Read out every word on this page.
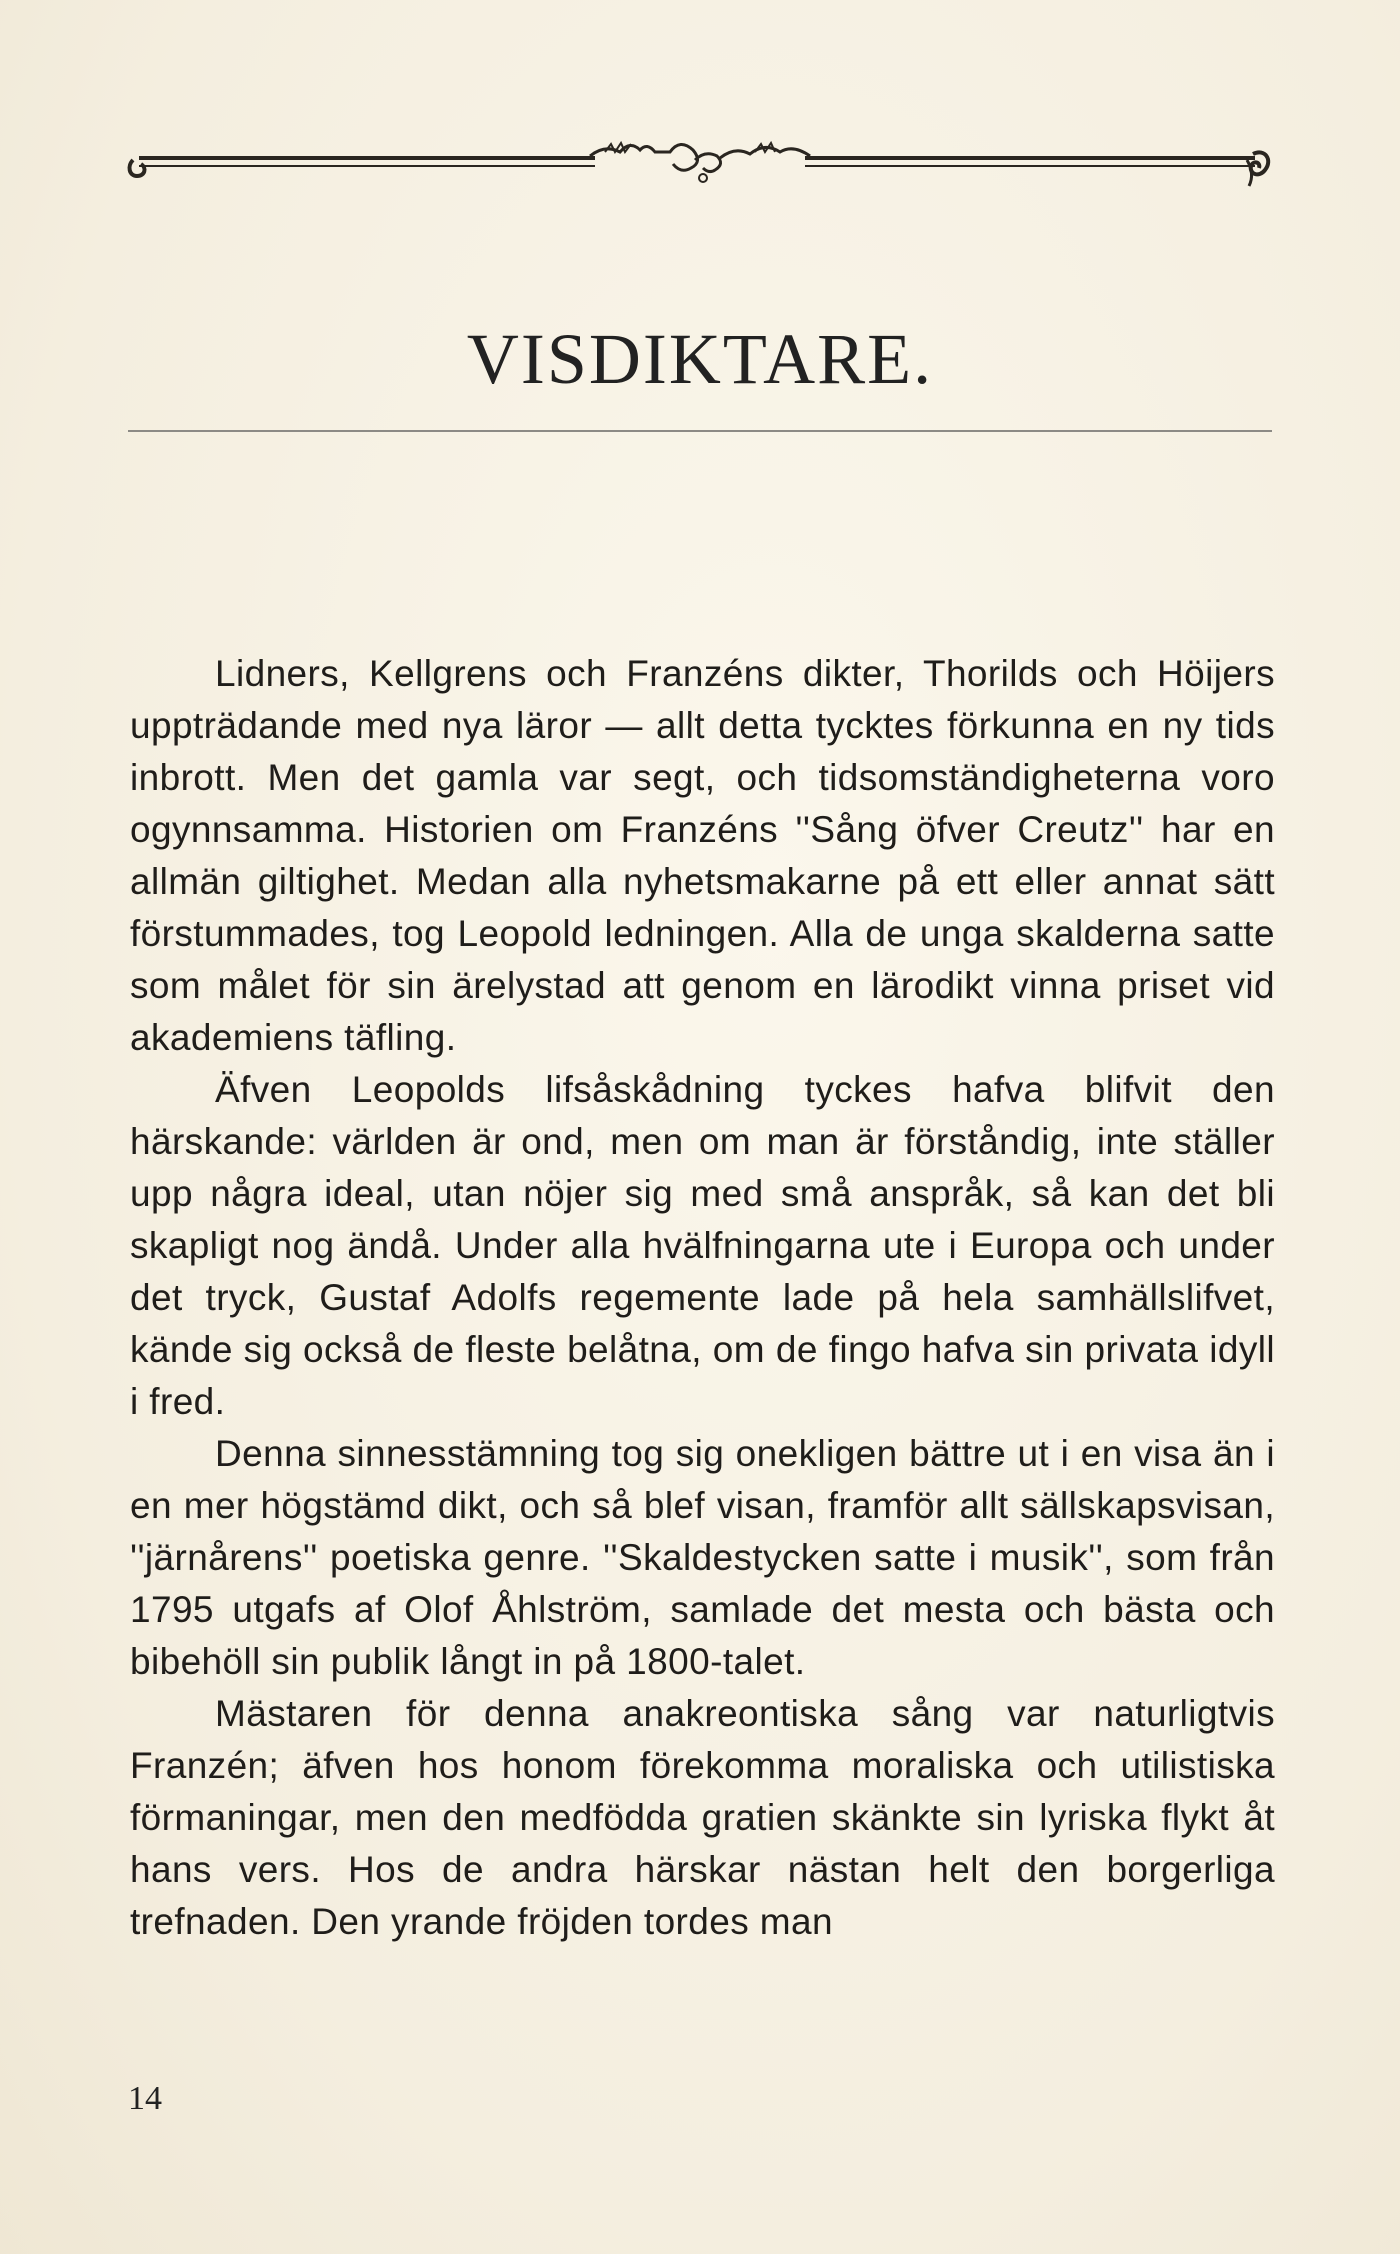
VISDIKTARE.

Lidners, Kellgrens och Franzéns dikter, Thorilds och Höijers uppträdande med nya läror — allt detta tycktes förkunna en ny tids inbrott. Men det gamla var segt, och tidsomständigheterna voro ogynnsamma. Historien om Franzéns ''Sång öfver Creutz'' har en allmän giltighet. Medan alla nyhetsmakarne på ett eller annat sätt förstummades, tog Leopold ledningen. Alla de unga skalderna satte som målet för sin ärelystad att genom en lärodikt vinna priset vid akademiens täfling.

Äfven Leopolds lifsåskådning tyckes hafva blifvit den härskande: världen är ond, men om man är förståndig, inte ställer upp några ideal, utan nöjer sig med små anspråk, så kan det bli skapligt nog ändå. Under alla hvälfningarna ute i Europa och under det tryck, Gustaf Adolfs regemente lade på hela samhällslifvet, kände sig också de fleste belåtna, om de fingo hafva sin privata idyll i fred.

Denna sinnesstämning tog sig onekligen bättre ut i en visa än i en mer högstämd dikt, och så blef visan, framför allt sällskapsvisan, ''järnårens'' poetiska genre. ''Skaldestycken satte i musik'', som från 1795 utgafs af Olof Åhlström, samlade det mesta och bästa och bibehöll sin publik långt in på 1800-talet.

Mästaren för denna anakreontiska sång var naturligtvis Franzén; äfven hos honom förekomma moraliska och utilistiska förmaningar, men den medfödda gratien skänkte sin lyriska flykt åt hans vers. Hos de andra härskar nästan helt den borgerliga trefnaden. Den yrande fröjden tordes man

14
